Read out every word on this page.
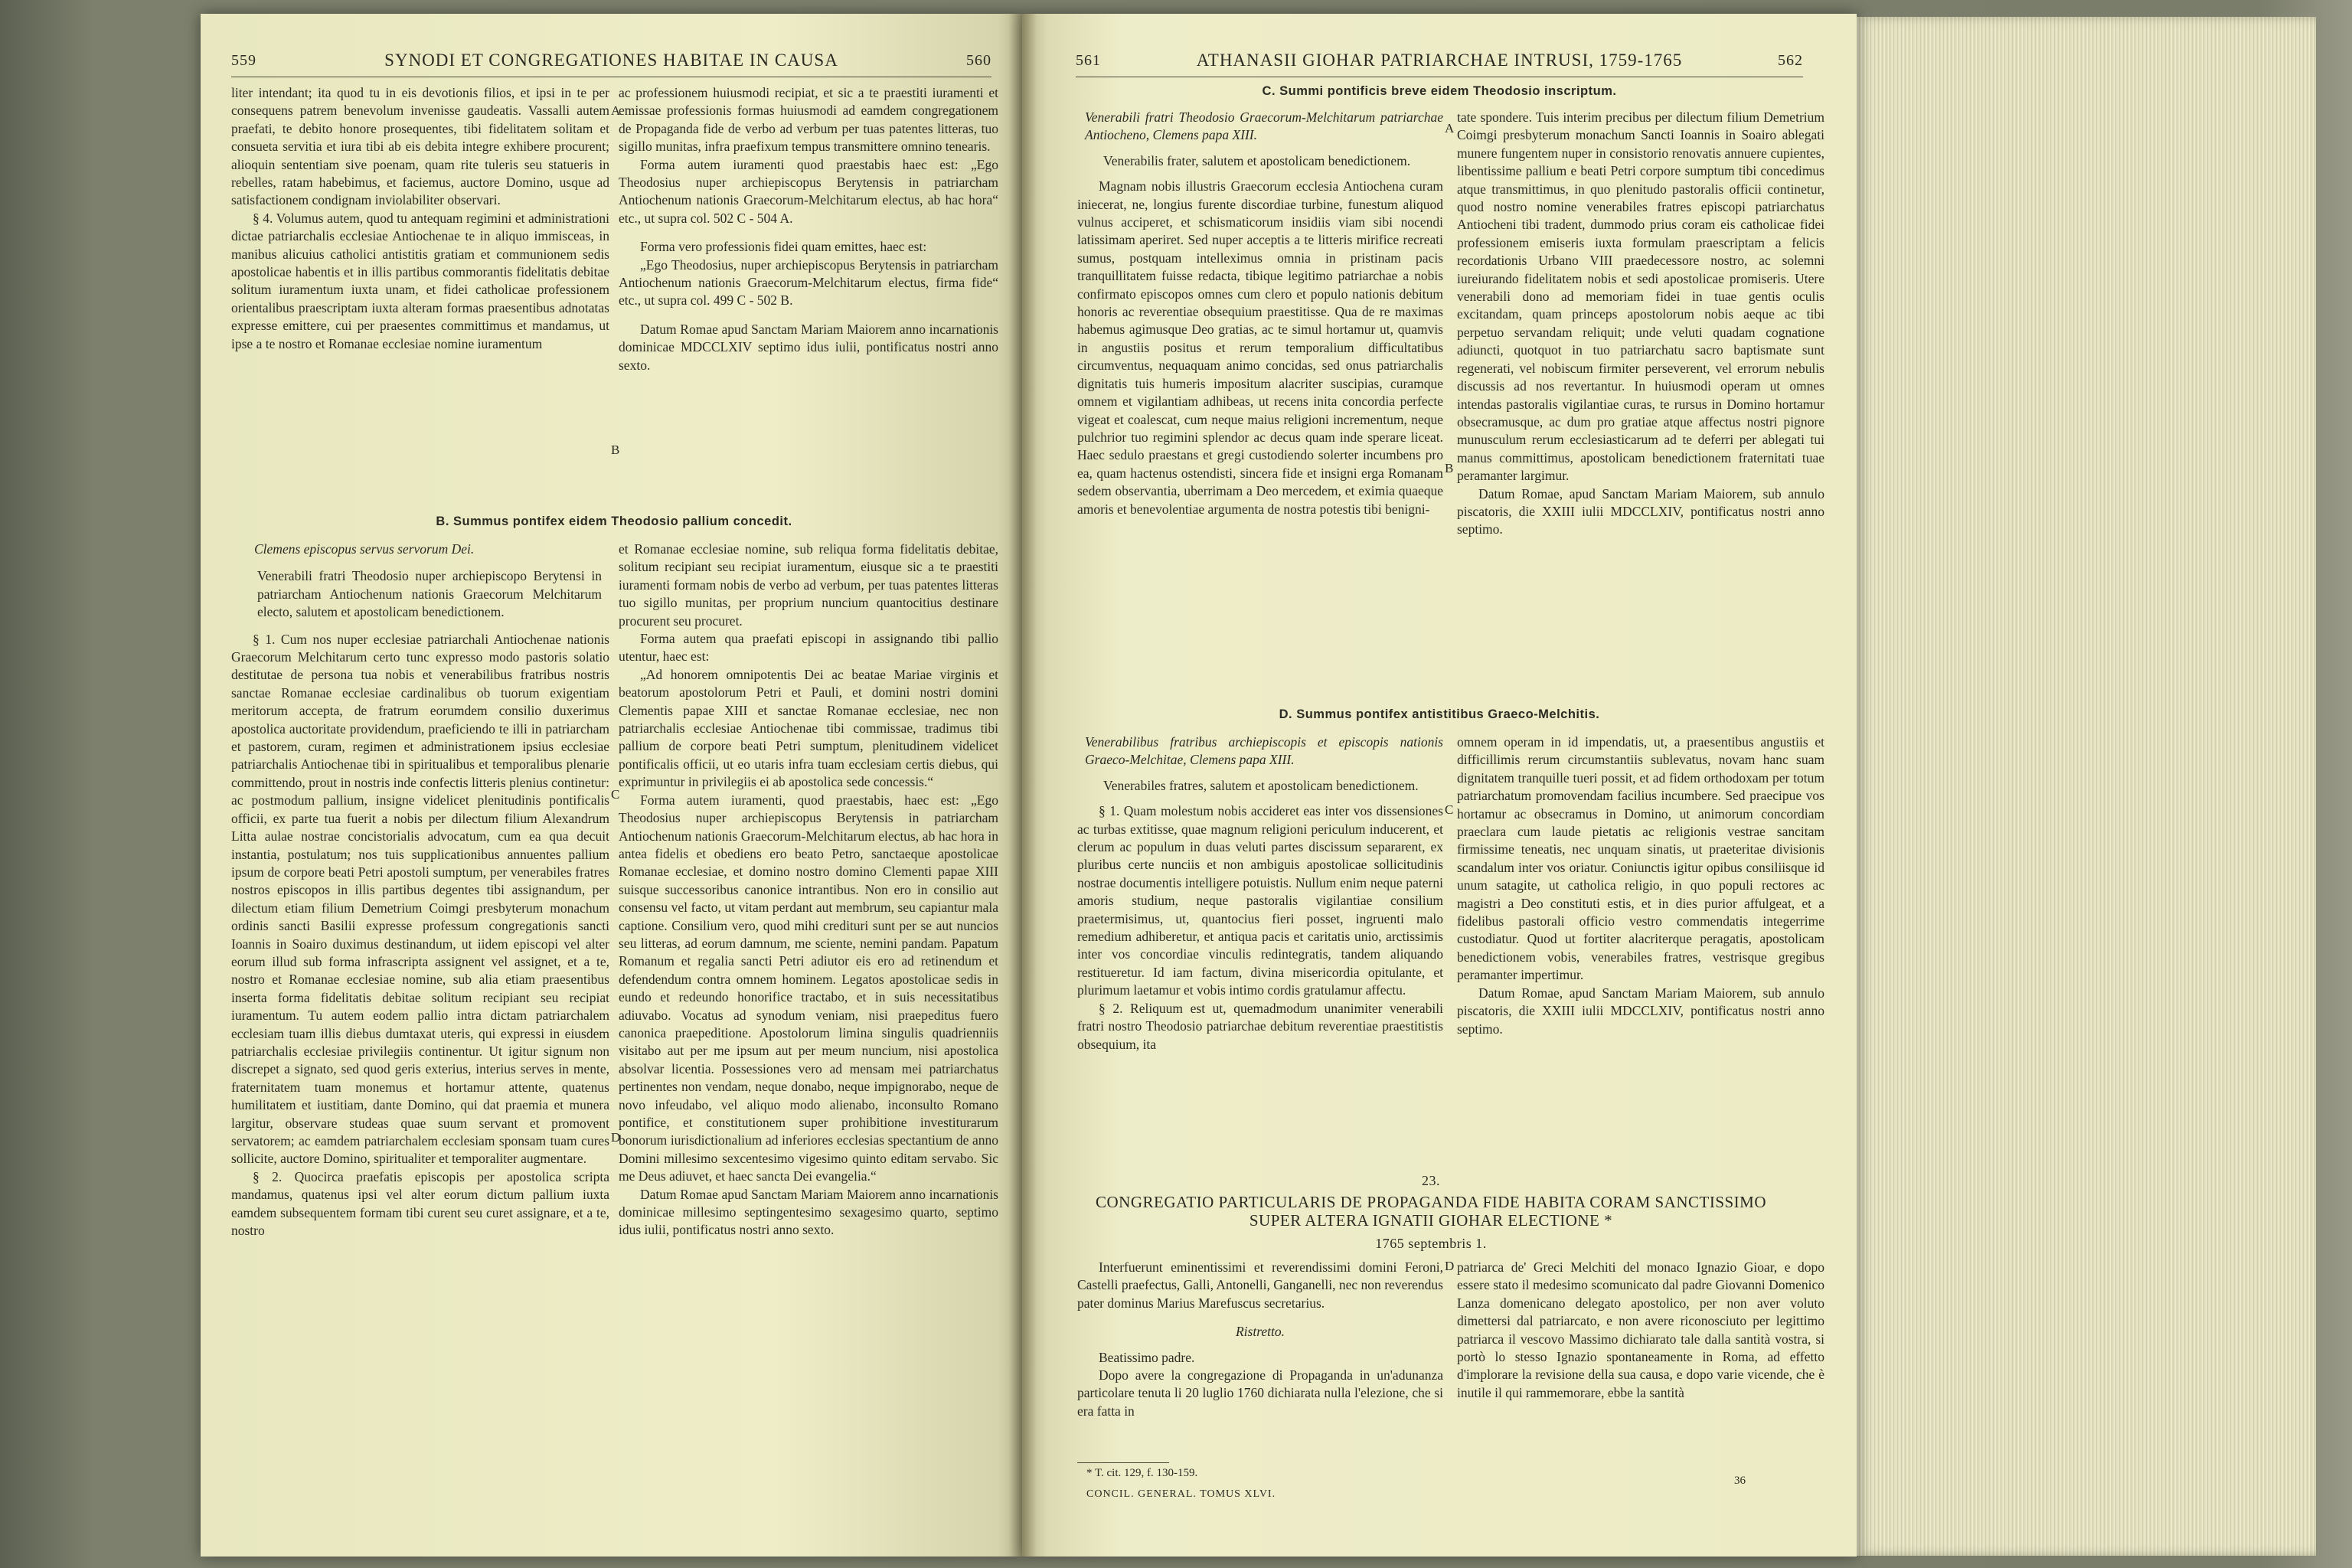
559	SYNODI ET CONGREGATIONES HABITAE IN CAUSA	560

liter intendant; ita quod tu in eis devotionis filios, et ipsi in te per consequens patrem benevolum invenisse gaudeatis. Vassalli autem praefati, te debito honore prosequentes, tibi fidelitatem solitam et consueta servitia et iura tibi ab eis debita integre exhibere procurent; alioquin sententiam sive poenam, quam rite tuleris seu statueris in rebelles, ratam habebimus, et faciemus, auctore Domino, usque ad satisfactionem condignam inviolabiliter observari.

§ 4. Volumus autem, quod tu antequam regimini et administrationi dictae patriarchalis ecclesiae Antiochenae te in aliquo immisceas, in manibus alicuius catholici antistitis gratiam et communionem sedis apostolicae habentis et in illis partibus commorantis fidelitatis debitae solitum iuramentum iuxta unam, et fidei catholicae professionem orientalibus praescriptam iuxta alteram formas praesentibus adnotatas expresse emittere, cui per praesentes committimus et mandamus, ut ipse a te nostro et Romanae ecclesiae nomine iuramentum

ac professionem huiusmodi recipiat, et sic a te praestiti iuramenti et emissae professionis formas huiusmodi ad eamdem congregationem de Propaganda fide de verbo ad verbum per tuas patentes litteras, tuo sigillo munitas, infra praefixum tempus transmittere omnino tenearis.

Forma autem iuramenti quod praestabis haec est: „Ego Theodosius nuper archiepiscopus Berytensis in patriarcham Antiochenum nationis Graecorum-Melchitarum electus, ab hac hora“ etc., ut supra col. 502 C - 504 A.

Forma vero professionis fidei quam emittes, haec est:

„Ego Theodosius, nuper archiepiscopus Berytensis in patriarcham Antiochenum nationis Graecorum-Melchitarum electus, firma fide“ etc., ut supra col. 499 C - 502 B.

Datum Romae apud Sanctam Mariam Maiorem anno incarnationis dominicae MDCCLXIV septimo idus iulii, pontificatus nostri anno sexto.

B. Summus pontifex eidem Theodosio pallium concedit.

Clemens episcopus servus servorum Dei.

Venerabili fratri Theodosio nuper archiepiscopo Berytensi in patriarcham Antiochenum nationis Graecorum Melchitarum electo, salutem et apostolicam benedictionem.

§ 1. Cum nos nuper ecclesiae patriarchali Antiochenae nationis Graecorum Melchitarum certo tunc expresso modo pastoris solatio destitutae de persona tua nobis et venerabilibus fratribus nostris sanctae Romanae ecclesiae cardinalibus ob tuorum exigentiam meritorum accepta, de fratrum eorumdem consilio duxerimus apostolica auctoritate providendum, praeficiendo te illi in patriarcham et pastorem, curam, regimen et administrationem ipsius ecclesiae patriarchalis Antiochenae tibi in spiritualibus et temporalibus plenarie committendo, prout in nostris inde confectis litteris plenius continetur: ac postmodum pallium, insigne videlicet plenitudinis pontificalis officii, ex parte tua fuerit a nobis per dilectum filium Alexandrum Litta aulae nostrae concistorialis advocatum, cum ea qua decuit instantia, postulatum; nos tuis supplicationibus annuentes pallium ipsum de corpore beati Petri apostoli sumptum, per venerabiles fratres nostros episcopos in illis partibus degentes tibi assignandum, per dilectum etiam filium Demetrium Coimgi presbyterum monachum ordinis sancti Basilii expresse professum congregationis sancti Ioannis in Soairo duximus destinandum, ut iidem episcopi vel alter eorum illud sub forma infrascripta assignent vel assignet, et a te, nostro et Romanae ecclesiae nomine, sub alia etiam praesentibus inserta forma fidelitatis debitae solitum recipiant seu recipiat iuramentum. Tu autem eodem pallio intra dictam patriarchalem ecclesiam tuam illis diebus dumtaxat uteris, qui expressi in eiusdem patriarchalis ecclesiae privilegiis continentur. Ut igitur signum non discrepet a signato, sed quod geris exterius, interius serves in mente, fraternitatem tuam monemus et hortamur attente, quatenus humilitatem et iustitiam, dante Domino, qui dat praemia et munera largitur, observare studeas quae suum servant et promovent servatorem; ac eamdem patriarchalem ecclesiam sponsam tuam cures sollicite, auctore Domino, spiritualiter et temporaliter augmentare.

§ 2. Quocirca praefatis episcopis per apostolica scripta mandamus, quatenus ipsi vel alter eorum dictum pallium iuxta eamdem subsequentem formam tibi curent seu curet assignare, et a te, nostro

et Romanae ecclesiae nomine, sub reliqua forma fidelitatis debitae, solitum recipiant seu recipiat iuramentum, eiusque sic a te praestiti iuramenti formam nobis de verbo ad verbum, per tuas patentes litteras tuo sigillo munitas, per proprium nuncium quantocitius destinare procurent seu procuret.

Forma autem qua praefati episcopi in assignando tibi pallio utentur, haec est:

„Ad honorem omnipotentis Dei ac beatae Mariae virginis et beatorum apostolorum Petri et Pauli, et domini nostri domini Clementis papae XIII et sanctae Romanae ecclesiae, nec non patriarchalis ecclesiae Antiochenae tibi commissae, tradimus tibi pallium de corpore beati Petri sumptum, plenitudinem videlicet pontificalis officii, ut eo utaris infra tuam ecclesiam certis diebus, qui exprimuntur in privilegiis ei ab apostolica sede concessis.“

Forma autem iuramenti, quod praestabis, haec est: „Ego Theodosius nuper archiepiscopus Berytensis in patriarcham Antiochenum nationis Graecorum-Melchitarum electus, ab hac hora in antea fidelis et obediens ero beato Petro, sanctaeque apostolicae Romanae ecclesiae, et domino nostro domino Clementi papae XIII suisque successoribus canonice intrantibus. Non ero in consilio aut consensu vel facto, ut vitam perdant aut membrum, seu capiantur mala captione. Consilium vero, quod mihi crediturі sunt per se aut nuncios seu litteras, ad eorum damnum, me sciente, nemini pandam. Papatum Romanum et regalia sancti Petri adiutor eis ero ad retinendum et defendendum contra omnem hominem. Legatos apostolicae sedis in eundo et redeundo honorifice tractabo, et in suis necessitatibus adiuvabo. Vocatus ad synodum veniam, nisi praepeditus fuero canonica praepeditione. Apostolorum limina singulis quadrienniis visitabo aut per me ipsum aut per meum nuncium, nisi apostolica absolvar licentia. Possessiones vero ad mensam mei patriarchatus pertinentes non vendam, neque donabo, neque impignorabo, neque de novo infeudabo, vel aliquo modo alienabo, inconsulto Romano pontifice, et constitutionem super prohibitione investiturarum bonorum iurisdictionalium ad inferiores ecclesias spectantium de anno Domini millesimo sexcentesimo vigesimo quinto editam servabo. Sic me Deus adiuvet, et haec sancta Dei evangelia.“

Datum Romae apud Sanctam Mariam Maiorem anno incarnationis dominicae millesimo septingentesimo sexagesimo quarto, septimo idus iulii, pontificatus nostri anno sexto.

A
B
C
D
561	ATHANASII GIOHAR PATRIARCHAE INTRUSI, 1759-1765	562
C. Summi pontificis breve eidem Theodosio inscriptum.

Venerabili fratri Theodosio Graecorum-Melchitarum patriarchae Antiocheno, Clemens papa XIII.

Venerabilis frater, salutem et apostolicam benedictionem.

Magnam nobis illustris Graecorum ecclesia Antiochena curam iniecerat, ne, longius furente discordiae turbine, funestum aliquod vulnus acciperet, et schismaticorum insidiis viam sibi nocendi latissimam aperiret. Sed nuper acceptis a te litteris mirifice recreati sumus, postquam intelleximus omnia in pristinam pacis tranquillitatem fuisse redacta, tibique legitimo patriarchae a nobis confirmato episcopos omnes cum clero et populo nationis debitum honoris ac reverentiae obsequium praestitisse. Qua de re maximas habemus agimusque Deo gratias, ac te simul hortamur ut, quamvis in angustiis positus et rerum temporalium difficultatibus circumventus, nequaquam animo concidas, sed onus patriarchalis dignitatis tuis humeris impositum alacriter suscipias, curamque omnem et vigilantiam adhibeas, ut recens inita concordia perfecte vigeat et coalescat, cum neque maius religioni incrementum, neque pulchrior tuo regimini splendor ac decus quam inde sperare liceat. Haec sedulo praestans et gregi custodiendo solerter incumbens pro ea, quam hactenus ostendisti, sincera fide et insigni erga Romanam sedem observantia, uberrimam a Deo mercedem, et eximia quaeque amoris et benevolentiae argumenta de nostra potestis tibi benigni-

tate spondere. Tuis interim precibus per dilectum filium Demetrium Coimgi presbyterum monachum Sancti Ioannis in Soairo ablegati munere fungentem nuper in consistorio renovatis annuere cupientes, libentissime pallium e beati Petri corpore sumptum tibi concedimus atque transmittimus, in quo plenitudo pastoralis officii continetur, quod nostro nomine venerabiles fratres episcopi patriarchatus Antiocheni tibi tradent, dummodo prius coram eis catholicae fidei professionem emiseris iuxta formulam praescriptam a felicis recordationis Urbano VIII praedecessore nostro, ac solemni iureiurando fidelitatem nobis et sedi apostolicae promiseris. Utere venerabili dono ad memoriam fidei in tuae gentis oculis excitandam, quam princeps apostolorum nobis aeque ac tibi perpetuo servandam reliquit; unde veluti quadam cognatione adiuncti, quotquot in tuo patriarchatu sacro baptismate sunt regenerati, vel nobiscum firmiter perseverent, vel errorum nebulis discussis ad nos revertantur. In huiusmodi operam ut omnes intendas pastoralis vigilantiae curas, te rursus in Domino hortamur obsecramusque, ac dum pro gratiae atque affectus nostri pignore munusculum rerum ecclesiasticarum ad te deferri per ablegati tui manus committimus, apostolicam benedictionem fraternitati tuae peramanter largimur.

Datum Romae, apud Sanctam Mariam Maiorem, sub annulo piscatoris, die XXIII iulii MDCCLXIV, pontificatus nostri anno septimo.

D. Summus pontifex antistitibus Graeco-Melchitis.

Venerabilibus fratribus archiepiscopis et episcopis nationis Graeco-Melchitae, Clemens papa XIII.

Venerabiles fratres, salutem et apostolicam benedictionem.

§ 1. Quam molestum nobis accideret eas inter vos dissensiones ac turbas extitisse, quae magnum religioni periculum inducerent, et clerum ac populum in duas veluti partes discissum separarent, ex pluribus certe nunciis et non ambiguis apostolicae sollicitudinis nostrae documentis intelligere potuistis. Nullum enim neque paterni amoris studium, neque pastoralis vigilantiae consilium praetermisimus, ut, quantocius fieri posset, ingruenti malo remedium adhiberetur, et antiqua pacis et caritatis unio, arctissimis inter vos concordiae vinculis redintegratis, tandem aliquando restitueretur. Id iam factum, divina misericordia opitulante, et plurimum laetamur et vobis intimo cordis gratulamur affectu.

§ 2. Reliquum est ut, quemadmodum unanimiter venerabili fratri nostro Theodosio patriarchae debitum reverentiae praestitistis obsequium, ita

omnem operam in id impendatis, ut, a praesentibus angustiis et difficillimis rerum circumstantiis sublevatus, novam hanc suam dignitatem tranquille tueri possit, et ad fidem orthodoxam per totum patriarchatum promovendam facilius incumbere. Sed praecipue vos hortamur ac obsecramus in Domino, ut animorum concordiam praeclara cum laude pietatis ac religionis vestrae sancitam firmissime teneatis, nec unquam sinatis, ut praeteritae divisionis scandalum inter vos oriatur. Coniunctis igitur opibus consiliisque id unum satagite, ut catholica religio, in quo populi rectores ac magistri a Deo constituti estis, et in dies purior affulgeat, et a fidelibus pastorali officio vestro commendatis integerrime custodiatur. Quod ut fortiter alacriterque peragatis, apostolicam benedictionem vobis, venerabiles fratres, vestrisque gregibus peramanter impertimur.

Datum Romae, apud Sanctam Mariam Maiorem, sub annulo piscatoris, die XXIII iulii MDCCLXIV, pontificatus nostri anno septimo.

23.
CONGREGATIO PARTICULARIS DE PROPAGANDA FIDE HABITA CORAM SANCTISSIMO SUPER ALTERA IGNATII GIOHAR ELECTIONE *
1765 septembris 1.

Interfuerunt eminentissimi et reverendissimi domini Feroni, Castelli praefectus, Galli, Antonelli, Ganganelli, nec non reverendus pater dominus Marius Marefuscus secretarius.

Ristretto.

Beatissimo padre.

Dopo avere la congregazione di Propaganda in un'adunanza particolare tenuta li 20 luglio 1760 dichiarata nulla l'elezione, che si era fatta in

patriarca de' Greci Melchiti del monaco Ignazio Gioar, e dopo essere stato il medesimo scomunicato dal padre Giovanni Domenico Lanza domenicano delegato apostolico, per non aver voluto dimettersi dal patriarcato, e non avere riconosciuto per legittimo patriarca il vescovo Massimo dichiarato tale dalla santità vostra, si portò lo stesso Ignazio spontaneamente in Roma, ad effetto d'implorare la revisione della sua causa, e dopo varie vicende, che è inutile il qui rammemorare, ebbe la santità

* T. cit. 129, f. 130-159.
CONCIL. GENERAL. TOMUS XLVI.
36
A
B
C
D
